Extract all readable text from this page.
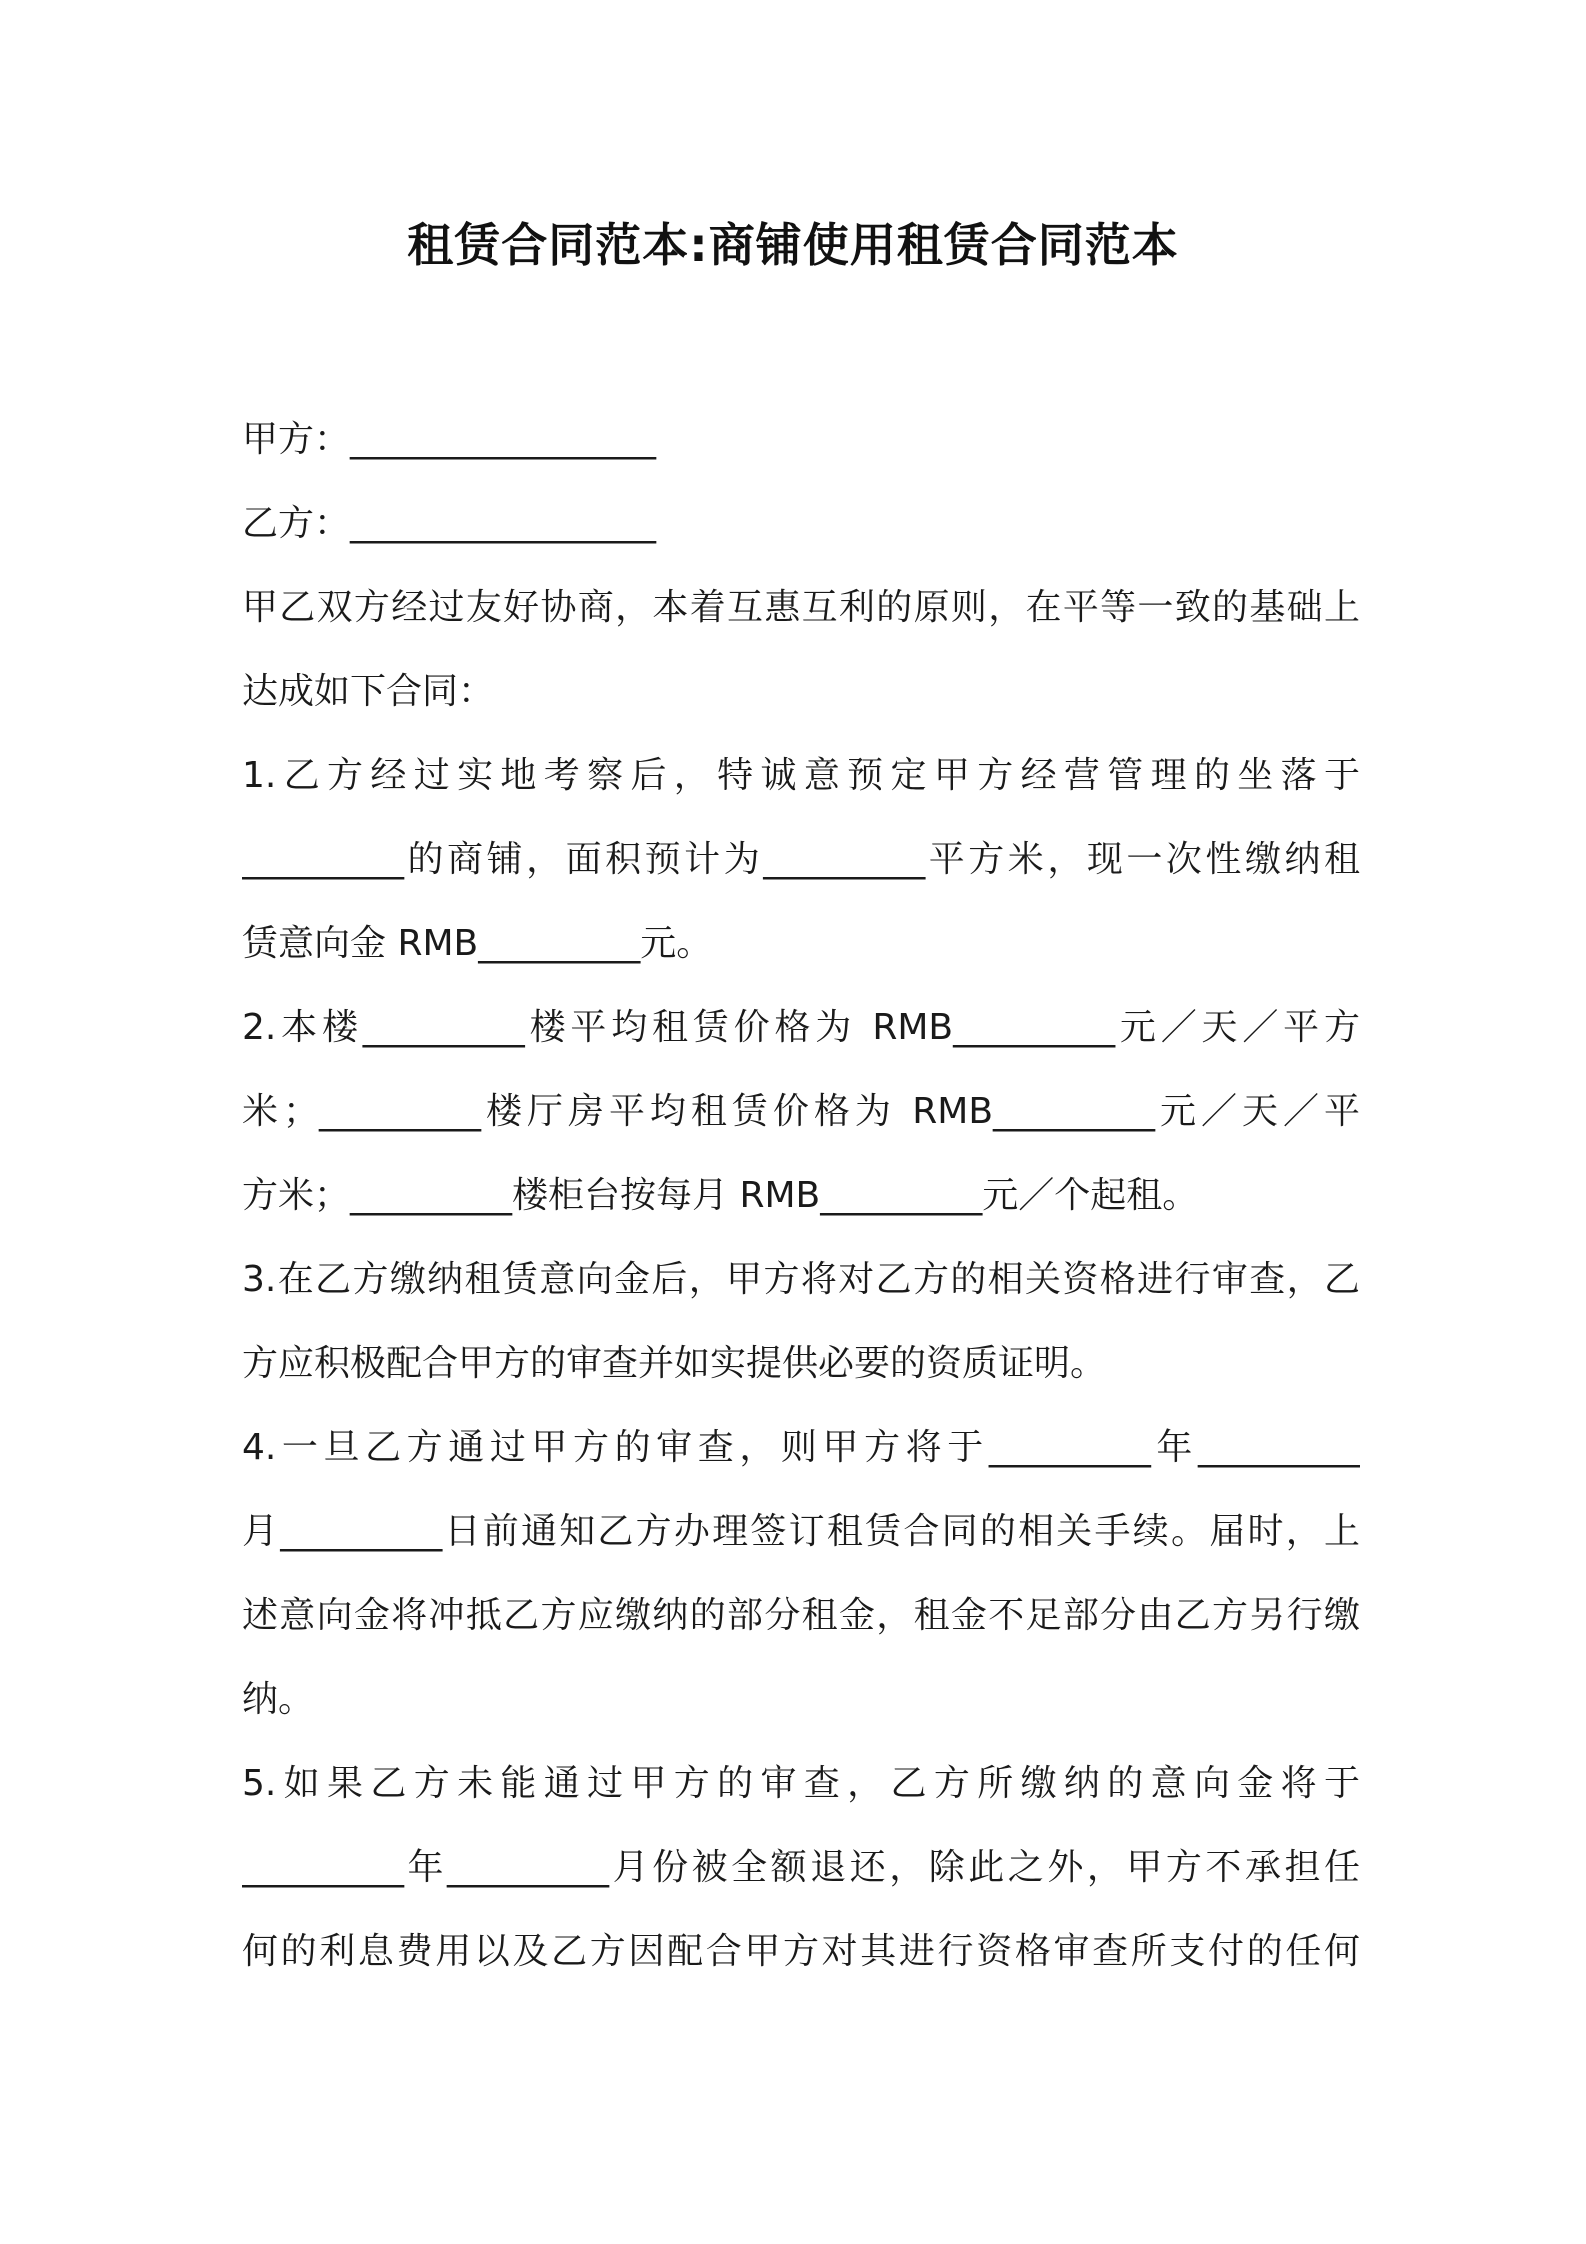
租赁合同范本:商铺使用租赁合同范本
甲方：_________________
乙方：_________________
甲乙双方经过友好协商，本着互惠互利的原则，在平等一致的基础上
达成如下合同：
1.乙方经过实地考察后，特诚意预定甲方经营管理的坐落于
_________的商铺，面积预计为_________平方米，现一次性缴纳租
赁意向金 RMB_________元。
2.本楼_________楼平均租赁价格为 RMB_________元／天／平方
米；_________楼厅房平均租赁价格为 RMB_________元／天／平
方米；_________楼柜台按每月 RMB_________元／个起租。
3.在乙方缴纳租赁意向金后，甲方将对乙方的相关资格进行审查，乙
方应积极配合甲方的审查并如实提供必要的资质证明。
4.一旦乙方通过甲方的审查，则甲方将于_________年_________
月_________日前通知乙方办理签订租赁合同的相关手续。届时，上
述意向金将冲抵乙方应缴纳的部分租金，租金不足部分由乙方另行缴
纳。
5.如果乙方未能通过甲方的审查，乙方所缴纳的意向金将于
_________年_________月份被全额退还，除此之外，甲方不承担任
何的利息费用以及乙方因配合甲方对其进行资格审查所支付的任何
